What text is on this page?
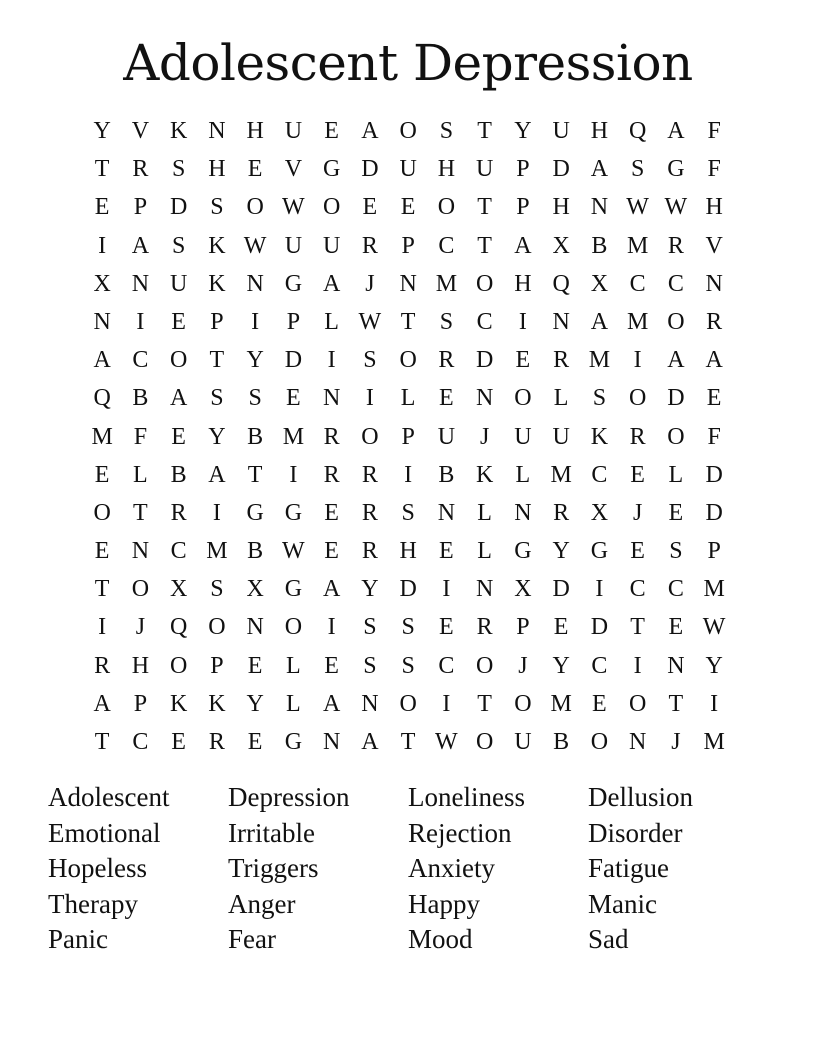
Adolescent Depression
Y V K N H U E A O S	T Y U H Q A F
T R S H E V G D U H U P D A S G F
E	P D S O W O E E O T	P H N W W H
I	A S K W U U R P C T A X B M R V
X N U K N G A	J	N M O H Q X C C N
N	I	E	P	I	P	L W T	S C	I	N A M O R
A C O T Y D	I	S O R D E R M I	A A
Q B A S	S	E N	I	L E N O L	S O D E
M F	E Y B M R O P U	J	U U K R O F
E L B A T	I	R R	I	B K L M C E L D
O T R	I	G G E R S N L N R X	J	E D
E N C M B W E R H E L G Y G E	S	P
T O X S X G A Y D	I	N X D	I	C C M
I	J	Q O N O	I	S	S	E R P	E D T E W
R H O P	E L E	S	S C O	J	Y C	I	N Y
A P K K Y L A N O	I	T O M E O T	I
T C E R E G N A T W O U B O N	J M
Adolescent	Depression	Loneliness	Dellusion
Emotional	Irritable	Rejection	Disorder
Hopeless	Triggers	Anxiety	Fatigue
Therapy	Anger	Happy	Manic
Panic	Fear	Mood	Sad
